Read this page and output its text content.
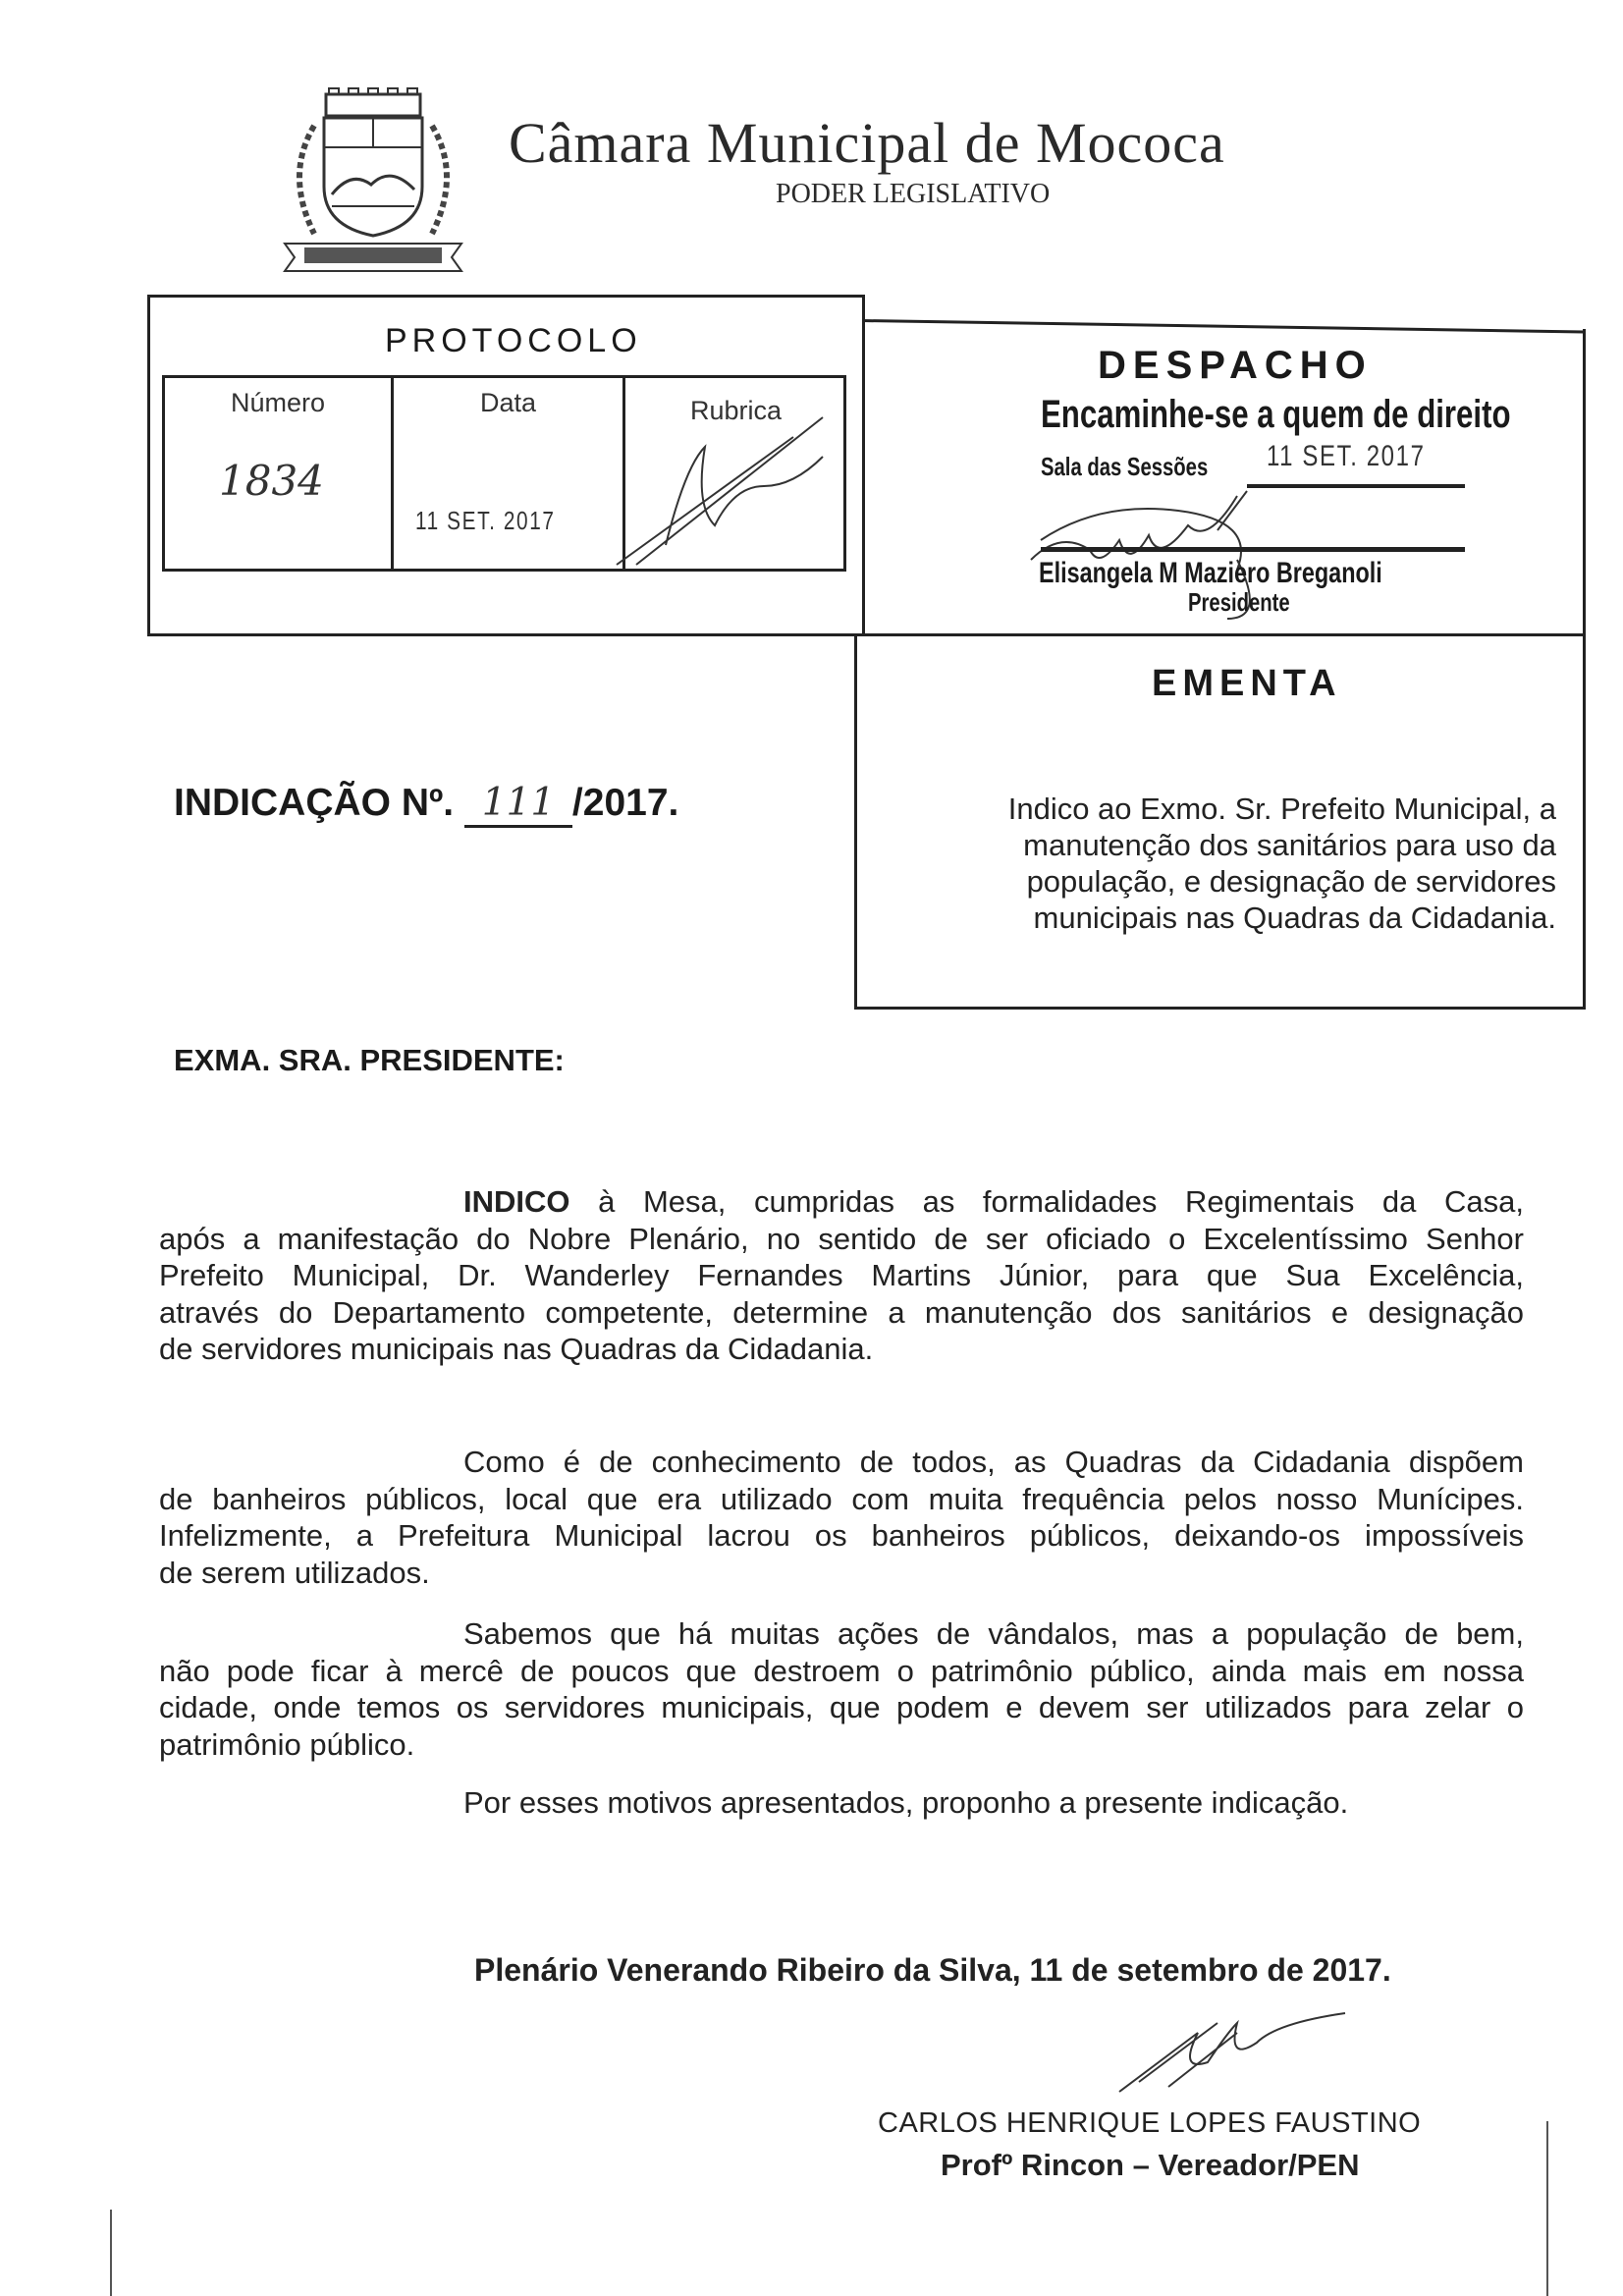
Câmara Municipal de Mococa
PODER LEGISLATIVO
PROTOCOLO
Número	Data	Rubrica
1834
11 SET. 2017
DESPACHO
Encaminhe-se a quem de direito
Sala das Sessões 11 SET. 2017
Elisangela M Maziero Breganoli
Presidente
EMENTA
Indico ao Exmo. Sr. Prefeito Municipal, a manutenção dos sanitários para uso da população, e designação de servidores municipais nas Quadras da Cidadania.
INDICAÇÃO Nº. 111 /2017.
EXMA. SRA. PRESIDENTE:
INDICO à Mesa, cumpridas as formalidades Regimentais da Casa,
após a manifestação do Nobre Plenário, no sentido de ser oficiado o Excelentíssimo Senhor
Prefeito Municipal, Dr. Wanderley Fernandes Martins Júnior, para que Sua Excelência,
através do Departamento competente, determine a manutenção dos sanitários e designação
de servidores municipais nas Quadras da Cidadania.
Como é de conhecimento de todos, as Quadras da Cidadania dispõem
de banheiros públicos, local que era utilizado com muita frequência pelos nosso Munícipes.
Infelizmente, a Prefeitura Municipal lacrou os banheiros públicos, deixando-os impossíveis
de serem utilizados.
Sabemos que há muitas ações de vândalos, mas a população de bem,
não pode ficar à mercê de poucos que destroem o patrimônio público, ainda mais em nossa
cidade, onde temos os servidores municipais, que podem e devem ser utilizados para zelar o
patrimônio público.
Por esses motivos apresentados, proponho a presente indicação.
Plenário Venerando Ribeiro da Silva, 11 de setembro de 2017.
CARLOS HENRIQUE LOPES FAUSTINO
Profº Rincon – Vereador/PEN
